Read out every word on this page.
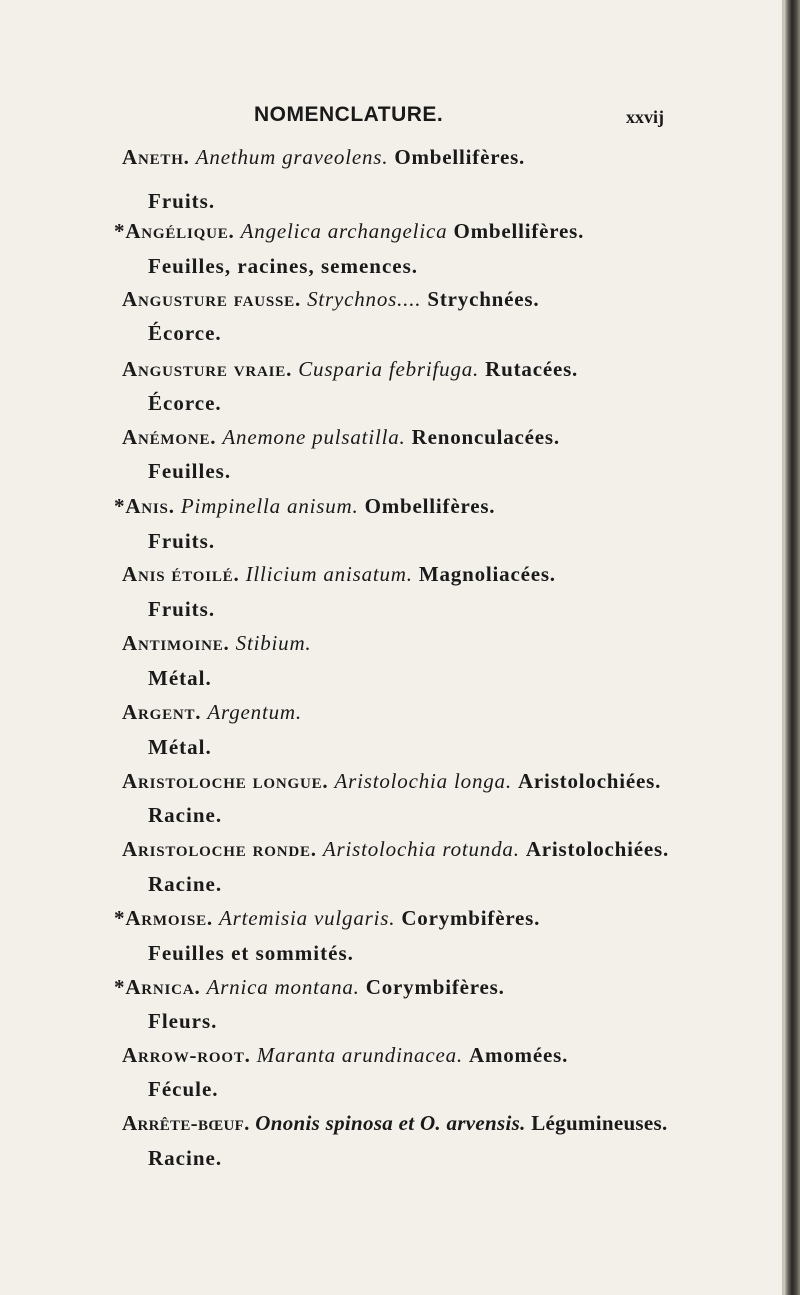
NOMENCLATURE.	xxvij
Aneth. Anethum graveolens. Ombellifères.
Fruits.
*Angélique. Angelica archangelica Ombellifères.
Feuilles, racines, semences.
Angusture fausse. Strychnos.... Strychnées.
Écorce.
Angusture vraie. Cusparia febrifuga. Rutacées.
Écorce.
Anémone. Anemone pulsatilla. Renonculacées.
Feuilles.
*Anis. Pimpinella anisum. Ombellifères.
Fruits.
Anis étoilé. Illicium anisatum. Magnoliacées.
Fruits.
Antimoine. Stibium.
Métal.
Argent. Argentum.
Métal.
Aristoloche longue. Aristolochia longa. Aristolochiées.
Racine.
Aristoloche ronde. Aristolochia rotunda. Aristolochiées.
Racine.
*Armoise. Artemisia vulgaris. Corymbifères.
Feuilles et sommités.
*Arnica. Arnica montana. Corymbifères.
Fleurs.
Arrow-root. Maranta arundinacea. Amomées.
Fécule.
Arrête-bœuf. Ononis spinosa et O. arvensis. Légumineuses.
Racine.
